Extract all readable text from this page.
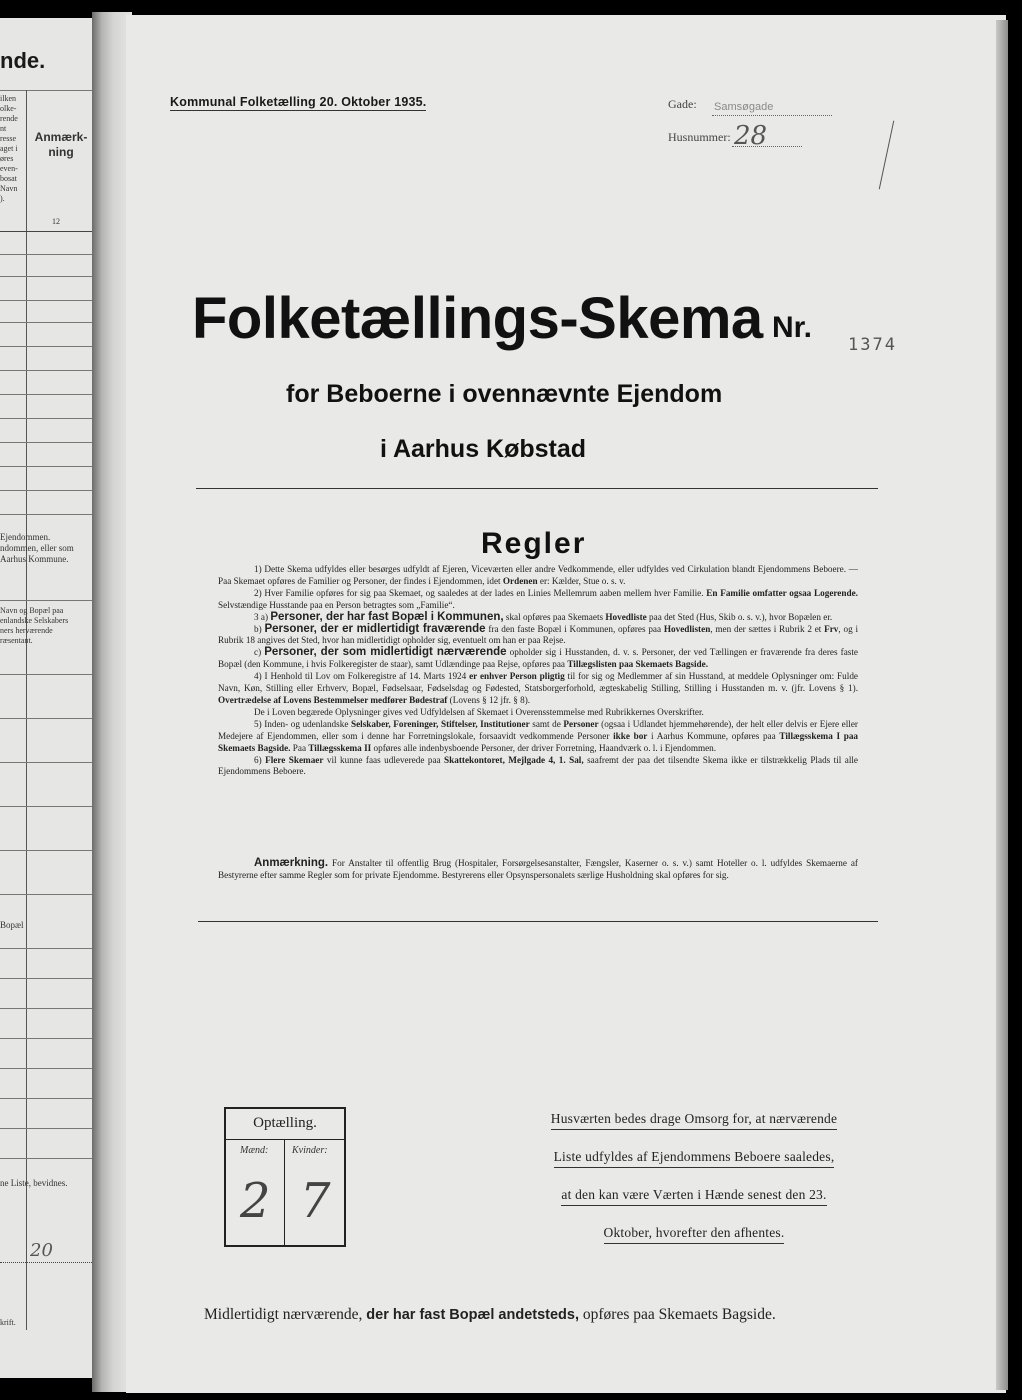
nde.
ilken
olke-
rende
nt
resse
aget i
øres
even-
bosat
Navn
).
Anmærk-
ning
12
Ejendommen.
ndommen, eller som
Aarhus Kommune.
Navn og Bopæl paa
enlandske Selskabers
ners herværende
ræsentant.
Bopæl
ne Liste, bevidnes.
20
krift.
Kommunal Folketælling 20. Oktober 1935.	Gade: Samsøgade
Husnummer: 28
Folketællings-Skema Nr.
1374
for Beboerne i ovennævnte Ejendom
i Aarhus Købstad
Regler

1) Dette Skema udfyldes eller besørges udfyldt af Ejeren, Viceværten eller andre Vedkommende, eller udfyldes ved Cirkulation blandt Ejendommens Beboere. — Paa Skemaet opføres de Familier og Personer, der findes i Ejendommen, idet Ordenen er: Kælder, Stue o. s. v.

2) Hver Familie opføres for sig paa Skemaet, og saaledes at der lades en Linies Mellemrum aaben mellem hver Familie. En Familie omfatter ogsaa Logerende. Selvstændige Husstande paa en Person betragtes som „Familie“.

3 a) Personer, der har fast Bopæl i Kommunen, skal opføres paa Skemaets Hovedliste paa det Sted (Hus, Skib o. s. v.), hvor Bopælen er.

b) Personer, der er midlertidigt fraværende fra den faste Bopæl i Kommunen, opføres paa Hovedlisten, men der sættes i Rubrik 2 et Frv, og i Rubrik 18 angives det Sted, hvor han midlertidigt opholder sig, eventuelt om han er paa Rejse.

c) Personer, der som midlertidigt nærværende opholder sig i Husstanden, d. v. s. Personer, der ved Tællingen er fraværende fra deres faste Bopæl (den Kommune, i hvis Folkeregister de staar), samt Udlændinge paa Rejse, opføres paa Tillægslisten paa Skemaets Bagside.

4) I Henhold til Lov om Folkeregistre af 14. Marts 1924 er enhver Person pligtig til for sig og Medlemmer af sin Husstand, at meddele Oplysninger om: Fulde Navn, Køn, Stilling eller Erhverv, Bopæl, Fødselsaar, Fødselsdag og Fødested, Statsborgerforhold, ægteskabelig Stilling, Stilling i Husstanden m. v. (jfr. Lovens § 1). Overtrædelse af Lovens Bestemmelser medfører Bødestraf (Lovens § 12 jfr. § 8).

De i Loven begærede Oplysninger gives ved Udfyldelsen af Skemaet i Overensstemmelse med Rubrikkernes Overskrifter.

5) Inden- og udenlandske Selskaber, Foreninger, Stiftelser, Institutioner samt de Personer (ogsaa i Udlandet hjemmehørende), der helt eller delvis er Ejere eller Medejere af Ejendommen, eller som i denne har Forretningslokale, forsaavidt vedkommende Personer ikke bor i Aarhus Kommune, opføres paa Tillægsskema I paa Skemaets Bagside. Paa Tillægsskema II opføres alle indenbysboende Personer, der driver Forretning, Haandværk o. l. i Ejendommen.

6) Flere Skemaer vil kunne faas udleverede paa Skattekontoret, Mejlgade 4, 1. Sal, saafremt der paa det tilsendte Skema ikke er tilstrækkelig Plads til alle Ejendommens Beboere.

Anmærkning. For Anstalter til offentlig Brug (Hospitaler, Forsørgelsesanstalter, Fængsler, Kaserner o. s. v.) samt Hoteller o. l. udfyldes Skemaerne af Bestyrerne efter samme Regler som for private Ejendomme. Bestyrerens eller Opsynspersonalets særlige Husholdning skal opføres for sig.

Optælling.
Mænd: Kvinder:
2 7
Husværten bedes drage Omsorg for, at nærværende
Liste udfyldes af Ejendommens Beboere saaledes,
at den kan være Værten i Hænde senest den 23.
Oktober, hvorefter den afhentes.
Midlertidigt nærværende, der har fast Bopæl andetsteds, opføres paa Skemaets Bagside.
